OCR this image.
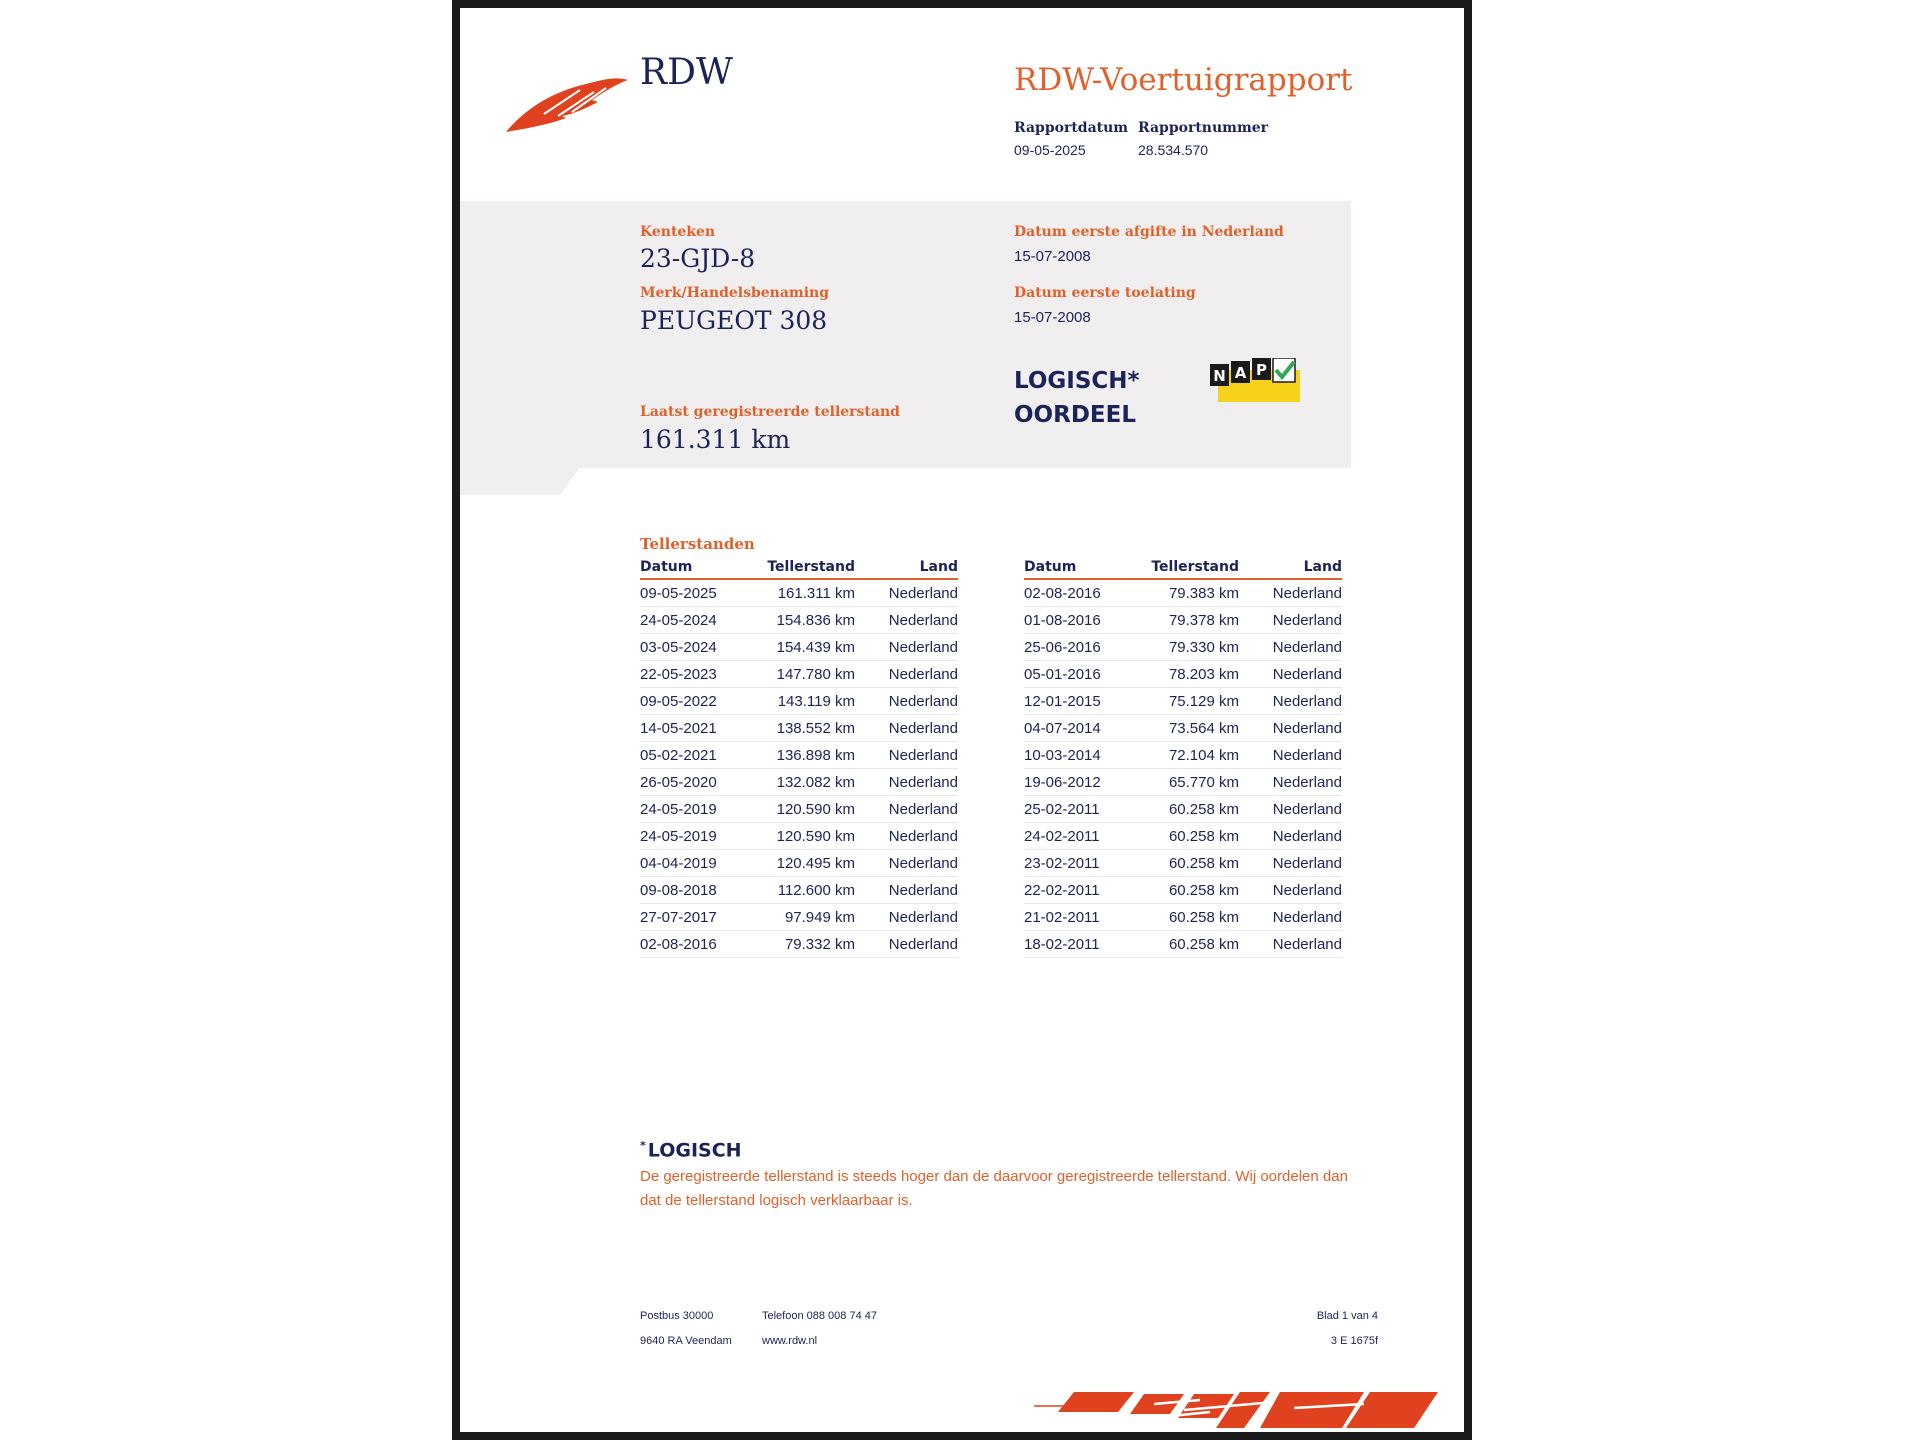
RDW	RDW-Voertuigrapport
Rapportdatum
09-05-2025
Rapportnummer
28.534.570
Kenteken
23-GJD-8
Merk/Handelsbenaming
PEUGEOT 308
Laatst geregistreerde tellerstand
161.311 km
Datum eerste afgifte in Nederland
15-07-2008
Datum eerste toelating
15-07-2008
LOGISCH*
OORDEEL
N A P
Tellerstanden
Datum	Tellerstand	Land
09-05-2025	161.311 km	Nederland
24-05-2024	154.836 km	Nederland
03-05-2024	154.439 km	Nederland
22-05-2023	147.780 km	Nederland
09-05-2022	143.119 km	Nederland
14-05-2021	138.552 km	Nederland
05-02-2021	136.898 km	Nederland
26-05-2020	132.082 km	Nederland
24-05-2019	120.590 km	Nederland
24-05-2019	120.590 km	Nederland
04-04-2019	120.495 km	Nederland
09-08-2018	112.600 km	Nederland
27-07-2017	97.949 km	Nederland
02-08-2016	79.332 km	Nederland
Datum	Tellerstand	Land
02-08-2016	79.383 km	Nederland
01-08-2016	79.378 km	Nederland
25-06-2016	79.330 km	Nederland
05-01-2016	78.203 km	Nederland
12-01-2015	75.129 km	Nederland
04-07-2014	73.564 km	Nederland
10-03-2014	72.104 km	Nederland
19-06-2012	65.770 km	Nederland
25-02-2011	60.258 km	Nederland
24-02-2011	60.258 km	Nederland
23-02-2011	60.258 km	Nederland
22-02-2011	60.258 km	Nederland
21-02-2011	60.258 km	Nederland
18-02-2011	60.258 km	Nederland
* LOGISCH
De geregistreerde tellerstand is steeds hoger dan de daarvoor geregistreerde tellerstand. Wij oordelen dan dat de tellerstand logisch verklaarbaar is.
Postbus 30000
9640 RA Veendam
Telefoon 088 008 74 47
www.rdw.nl
Blad 1 van 4
3 E 1675f
